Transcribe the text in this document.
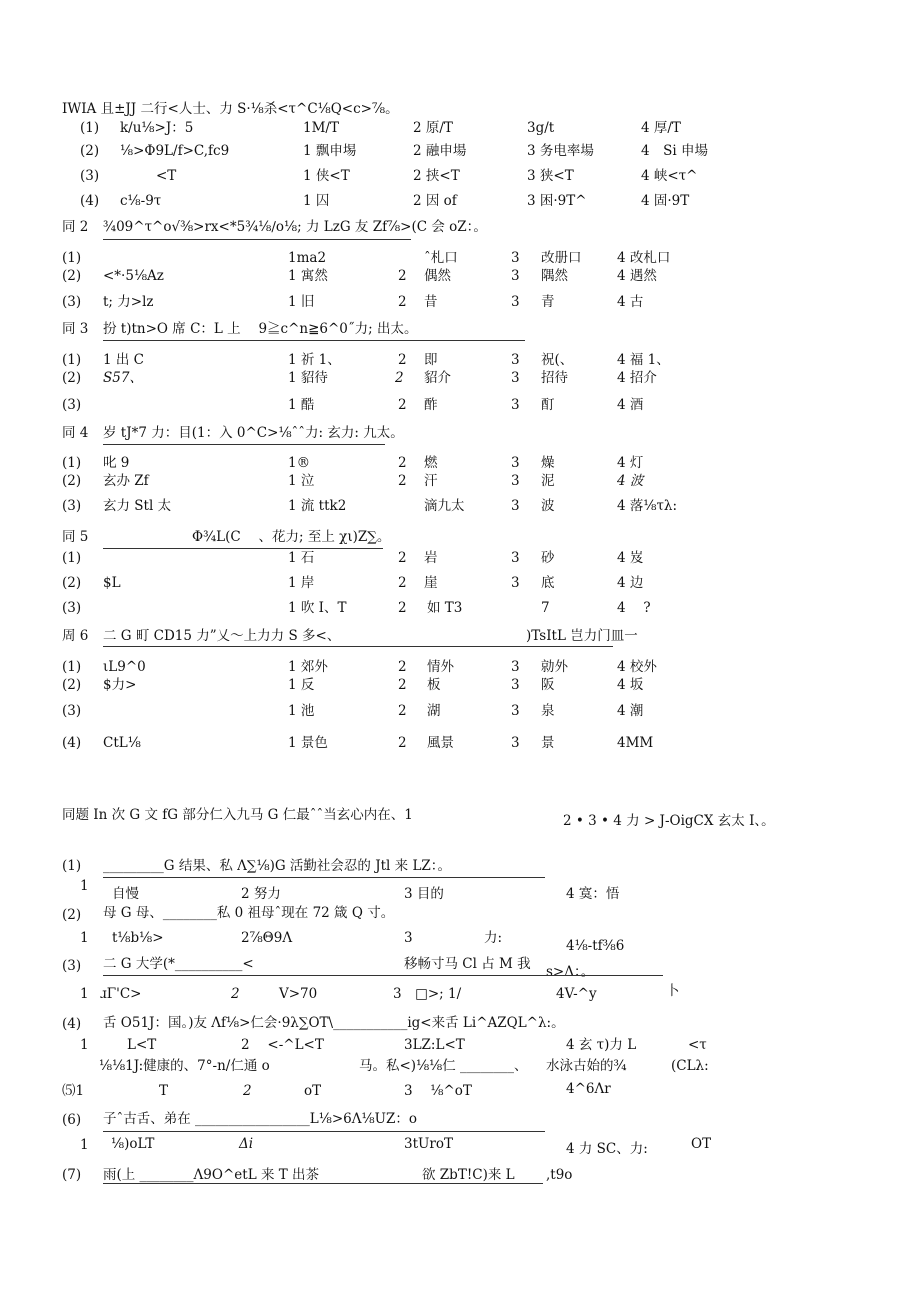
IWIA 且±JJ 二行<人士、力 S·⅛杀<τ^C⅛Q<c>⅞。
(1) k/u⅛>J：5	1M/T	2 原/T	3g/t	4 厚/T
(2) ⅛>Φ9L/f>C,fc9	1 飘申埸	2 融申場	3 务电率場	4　Si 申場
(3)	<T	1 侠<T	2 挟<T	3 狭<T	4 峡<τ^
(4) c⅛-9τ	1 囚	2 因 of	3 困·9T^	4 固·9T
同 2 ¾09^τ^o√⅜>rx<*5¾⅛∕o⅛; 力 LzG 友 Zf⅞>(C 会 oZ：。
(1)	1ma2	ˆ札口	3 改册口	4 改札口
(2) <*·5⅛Az	1 寓然	2 偶然	3 隅然	4 遇然
(3) t; 力>lz	1 旧	2 昔	3 青	4 古
同 3 扮 t)tn>O 席 C：L 上　 9≧c^n≧6^0˝力; 出太。
(1) 1 出 C	1 祈 1、	2 即	3 祝(、	4 福 1、
(2) S57、	1 貂待	2 貂介	3 招待	4 招介
(3)	1 酷	2 酢	3 酊	4 酒
同 4 岁 tJ*7 力：目(1：入 0^C>⅛ˆˆ力: 玄力: 九太。
(1) 叱 9	1®	2 燃	3 燥	4 灯
(2) 玄办 Zf	1 泣	2 汗	3 泥	4 波
(3) 玄力 Stl 太	1 流 ttk2	滴九太	3 波	4 落⅛τλ:
同 5	Φ¾L(C　 、花力; 至上 χι)Z∑。
(1)	1 石	2 岩	3 砂	4 岌
(2) $L	1 岸	2 崖	3 底	4 边
(3)	1 吹 I、T	2 如 T3	7	4　 ?
周 6 二 G 町 CD15 力”乂～上力力 S 多<、	)TsItL 岂力门皿一
(1) ιL9^0	1 郊外	2 情外	3 勍外	4 校外
(2) $力>	1 反	2 板	3 阪	4 坂
(3)	1 池	2 湖	3 泉	4 潮
(4) CtL⅛	1 景色	2 風景	3 景	4MM
同题 In 次 G 文 fG 部分仁入九马 G 仁最ˆˆ当玄心内在、1	2 • 3 • 4 力 > J-OigCX 玄太 I、。
(1) _________G 结果、私 Λ∑⅛)G 活勤社会忍的 Jtl 来 LZ：。
1 自慢	2 努力	3 目的	4 寞：悟
(2) 母 G 母、________私 0 祖母ˆ现在 72 箴 Q 寸。
1 t⅛b⅛>	2⅞Θ9Λ	3	力:	4⅛-tf⅜6
(3) 二 G 大学(*__________<	移畅寸马 Cl 占 M 我 s>Λ：。
1 ɹΓ'C>	2	V>70	3　□>; 1/	4V-^y	卜
(4) 舌 O51J：国。)友 Λf⅛>仁会·9λ∑OT\___________ig<来舌 Li^AZQL^λ:。
1	L<T	2　 <-^L<T	3LZ:L<T	4 玄 τ)力 L	<τ
⅛⅛1J:健康的、7°-n/仁通 o	马。私<)⅛⅛仁 ________、 水泳古始的¾	(CLλ:
⑸1	T	2	oT	3　 ⅛^oT	4^6Λr
(6) 子ˆ古舌、弟在 _________________L⅛>6Λ⅛UZ：o
1 ⅛)oLT	Δi	3tUroT	4 力 SC、力:	OT
(7) 雨(上 ________Λ9O^etL 来 T 出茶	欲 ZbT!C)来 L ,t9o
